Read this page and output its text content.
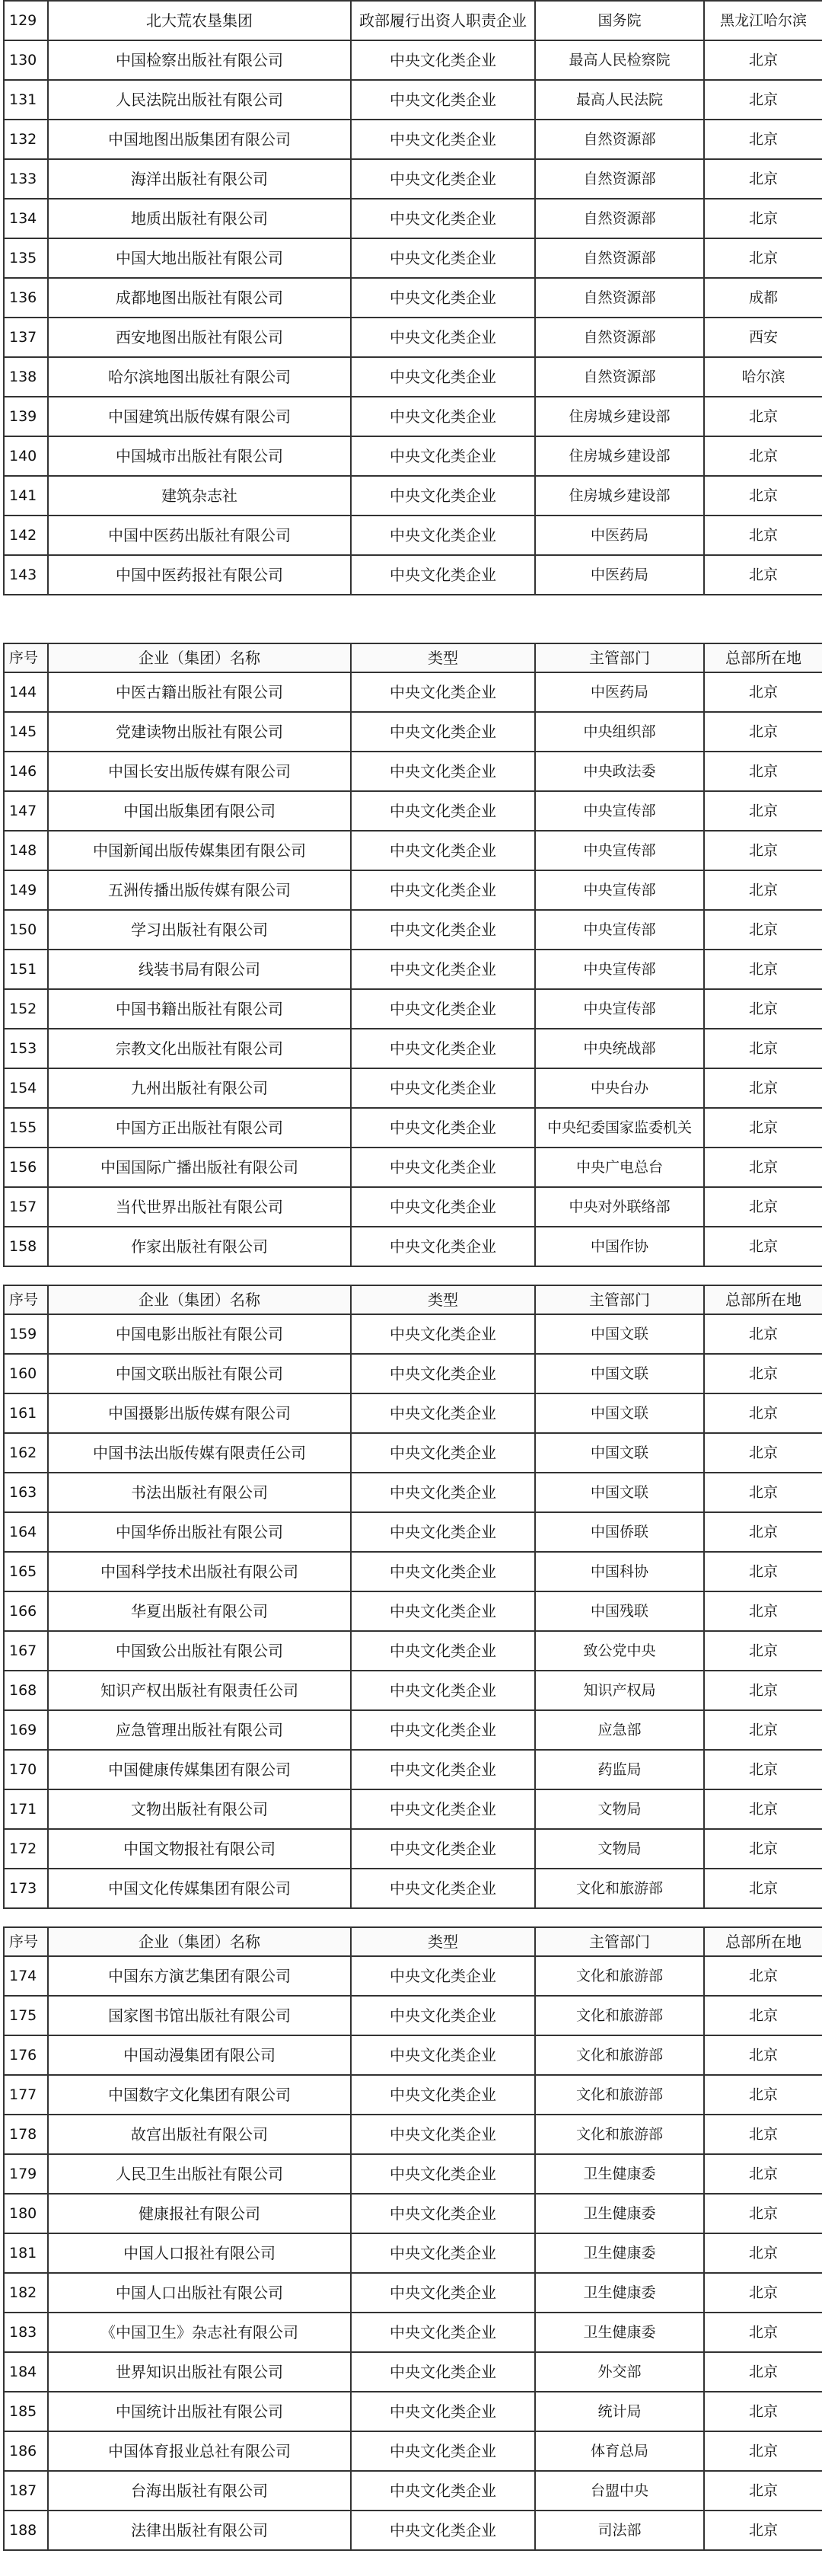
129	北大荒农垦集团	政部履行出资人职责企业	国务院	黑龙江哈尔滨
130	中国检察出版社有限公司	中央文化类企业	最高人民检察院	北京
131	人民法院出版社有限公司	中央文化类企业	最高人民法院	北京
132	中国地图出版集团有限公司	中央文化类企业	自然资源部	北京
133	海洋出版社有限公司	中央文化类企业	自然资源部	北京
134	地质出版社有限公司	中央文化类企业	自然资源部	北京
135	中国大地出版社有限公司	中央文化类企业	自然资源部	北京
136	成都地图出版社有限公司	中央文化类企业	自然资源部	成都
137	西安地图出版社有限公司	中央文化类企业	自然资源部	西安
138	哈尔滨地图出版社有限公司	中央文化类企业	自然资源部	哈尔滨
139	中国建筑出版传媒有限公司	中央文化类企业	住房城乡建设部	北京
140	中国城市出版社有限公司	中央文化类企业	住房城乡建设部	北京
141	建筑杂志社	中央文化类企业	住房城乡建设部	北京
142	中国中医药出版社有限公司	中央文化类企业	中医药局	北京
143	中国中医药报社有限公司	中央文化类企业	中医药局	北京
序号	企业（集团）名称	类型	主管部门	总部所在地
144	中医古籍出版社有限公司	中央文化类企业	中医药局	北京
145	党建读物出版社有限公司	中央文化类企业	中央组织部	北京
146	中国长安出版传媒有限公司	中央文化类企业	中央政法委	北京
147	中国出版集团有限公司	中央文化类企业	中央宣传部	北京
148	中国新闻出版传媒集团有限公司	中央文化类企业	中央宣传部	北京
149	五洲传播出版传媒有限公司	中央文化类企业	中央宣传部	北京
150	学习出版社有限公司	中央文化类企业	中央宣传部	北京
151	线装书局有限公司	中央文化类企业	中央宣传部	北京
152	中国书籍出版社有限公司	中央文化类企业	中央宣传部	北京
153	宗教文化出版社有限公司	中央文化类企业	中央统战部	北京
154	九州出版社有限公司	中央文化类企业	中央台办	北京
155	中国方正出版社有限公司	中央文化类企业	中央纪委国家监委机关	北京
156	中国国际广播出版社有限公司	中央文化类企业	中央广电总台	北京
157	当代世界出版社有限公司	中央文化类企业	中央对外联络部	北京
158	作家出版社有限公司	中央文化类企业	中国作协	北京
序号	企业（集团）名称	类型	主管部门	总部所在地
159	中国电影出版社有限公司	中央文化类企业	中国文联	北京
160	中国文联出版社有限公司	中央文化类企业	中国文联	北京
161	中国摄影出版传媒有限公司	中央文化类企业	中国文联	北京
162	中国书法出版传媒有限责任公司	中央文化类企业	中国文联	北京
163	书法出版社有限公司	中央文化类企业	中国文联	北京
164	中国华侨出版社有限公司	中央文化类企业	中国侨联	北京
165	中国科学技术出版社有限公司	中央文化类企业	中国科协	北京
166	华夏出版社有限公司	中央文化类企业	中国残联	北京
167	中国致公出版社有限公司	中央文化类企业	致公党中央	北京
168	知识产权出版社有限责任公司	中央文化类企业	知识产权局	北京
169	应急管理出版社有限公司	中央文化类企业	应急部	北京
170	中国健康传媒集团有限公司	中央文化类企业	药监局	北京
171	文物出版社有限公司	中央文化类企业	文物局	北京
172	中国文物报社有限公司	中央文化类企业	文物局	北京
173	中国文化传媒集团有限公司	中央文化类企业	文化和旅游部	北京
序号	企业（集团）名称	类型	主管部门	总部所在地
174	中国东方演艺集团有限公司	中央文化类企业	文化和旅游部	北京
175	国家图书馆出版社有限公司	中央文化类企业	文化和旅游部	北京
176	中国动漫集团有限公司	中央文化类企业	文化和旅游部	北京
177	中国数字文化集团有限公司	中央文化类企业	文化和旅游部	北京
178	故宫出版社有限公司	中央文化类企业	文化和旅游部	北京
179	人民卫生出版社有限公司	中央文化类企业	卫生健康委	北京
180	健康报社有限公司	中央文化类企业	卫生健康委	北京
181	中国人口报社有限公司	中央文化类企业	卫生健康委	北京
182	中国人口出版社有限公司	中央文化类企业	卫生健康委	北京
183	《中国卫生》杂志社有限公司	中央文化类企业	卫生健康委	北京
184	世界知识出版社有限公司	中央文化类企业	外交部	北京
185	中国统计出版社有限公司	中央文化类企业	统计局	北京
186	中国体育报业总社有限公司	中央文化类企业	体育总局	北京
187	台海出版社有限公司	中央文化类企业	台盟中央	北京
188	法律出版社有限公司	中央文化类企业	司法部	北京
